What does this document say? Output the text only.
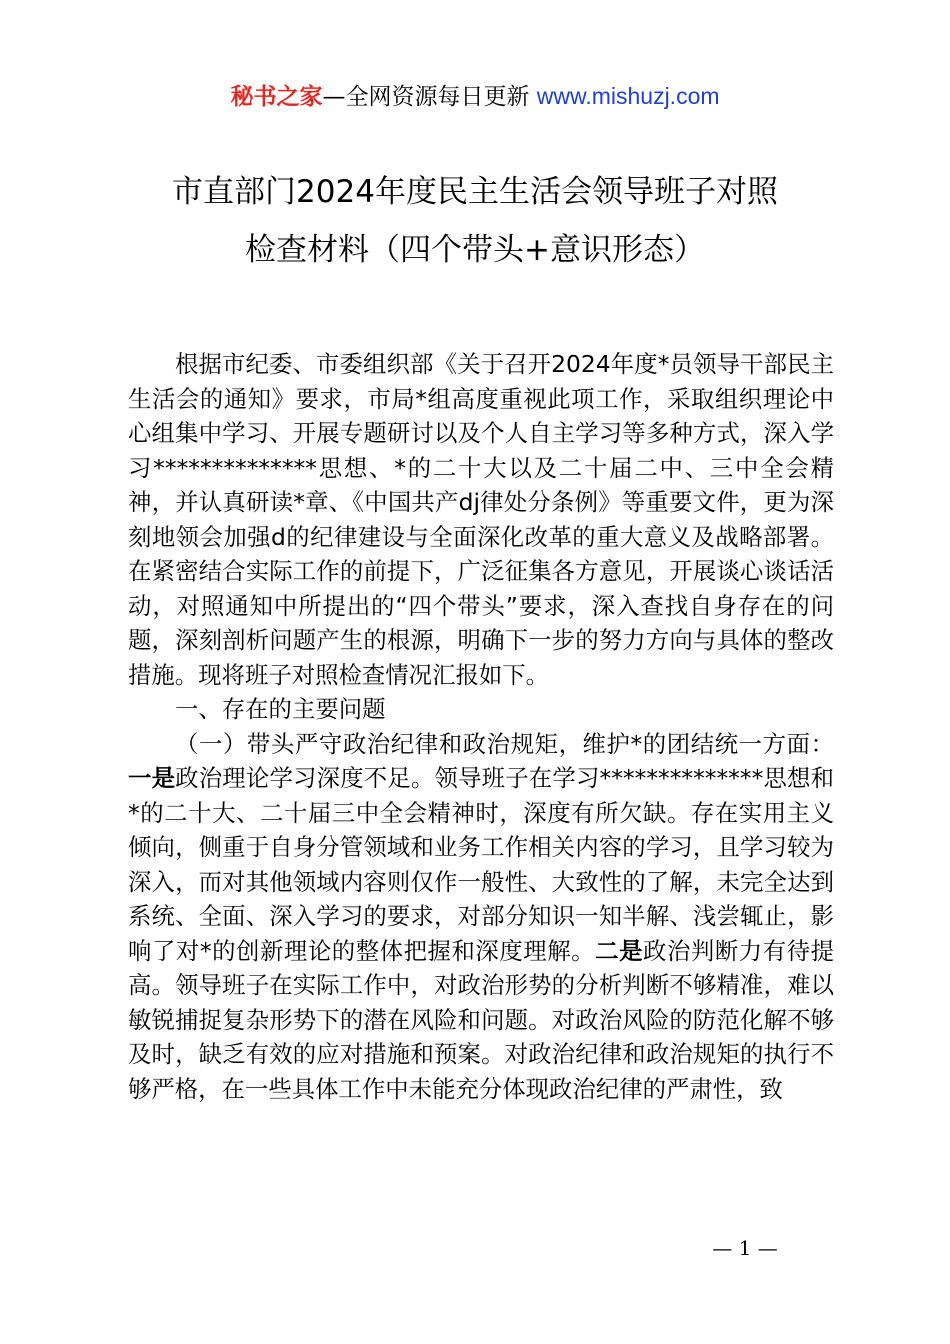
秘书之家—全网资源每日更新 www.mishuzj.com
市直部门2024年度民主生活会领导班子对照
检查材料（四个带头+意识形态）

根据市纪委、市委组织部《关于召开2024年度*员领导干部民主生活会的通知》要求，市局*组高度重视此项工作，采取组织理论中心组集中学习、开展专题研讨以及个人自主学习等多种方式，深入学习**************思想、*的二十大以及二十届二中、三中全会精神，并认真研读*章、《中国共产dj律处分条例》等重要文件，更为深刻地领会加强d的纪律建设与全面深化改革的重大意义及战略部署。在紧密结合实际工作的前提下，广泛征集各方意见，开展谈心谈话活动，对照通知中所提出的“四个带头”要求，深入查找自身存在的问题，深刻剖析问题产生的根源，明确下一步的努力方向与具体的整改措施。现将班子对照检查情况汇报如下。

一、存在的主要问题

（一）带头严守政治纪律和政治规矩，维护*的团结统一方面：一是政治理论学习深度不足。领导班子在学习**************思想和*的二十大、二十届三中全会精神时，深度有所欠缺。存在实用主义倾向，侧重于自身分管领域和业务工作相关内容的学习，且学习较为深入，而对其他领域内容则仅作一般性、大致性的了解，未完全达到系统、全面、深入学习的要求，对部分知识一知半解、浅尝辄止，影响了对*的创新理论的整体把握和深度理解。二是政治判断力有待提高。领导班子在实际工作中，对政治形势的分析判断不够精准，难以敏锐捕捉复杂形势下的潜在风险和问题。对政治风险的防范化解不够及时，缺乏有效的应对措施和预案。对政治纪律和政治规矩的执行不够严格，在一些具体工作中未能充分体现政治纪律的严肃性，致

— 1 —
